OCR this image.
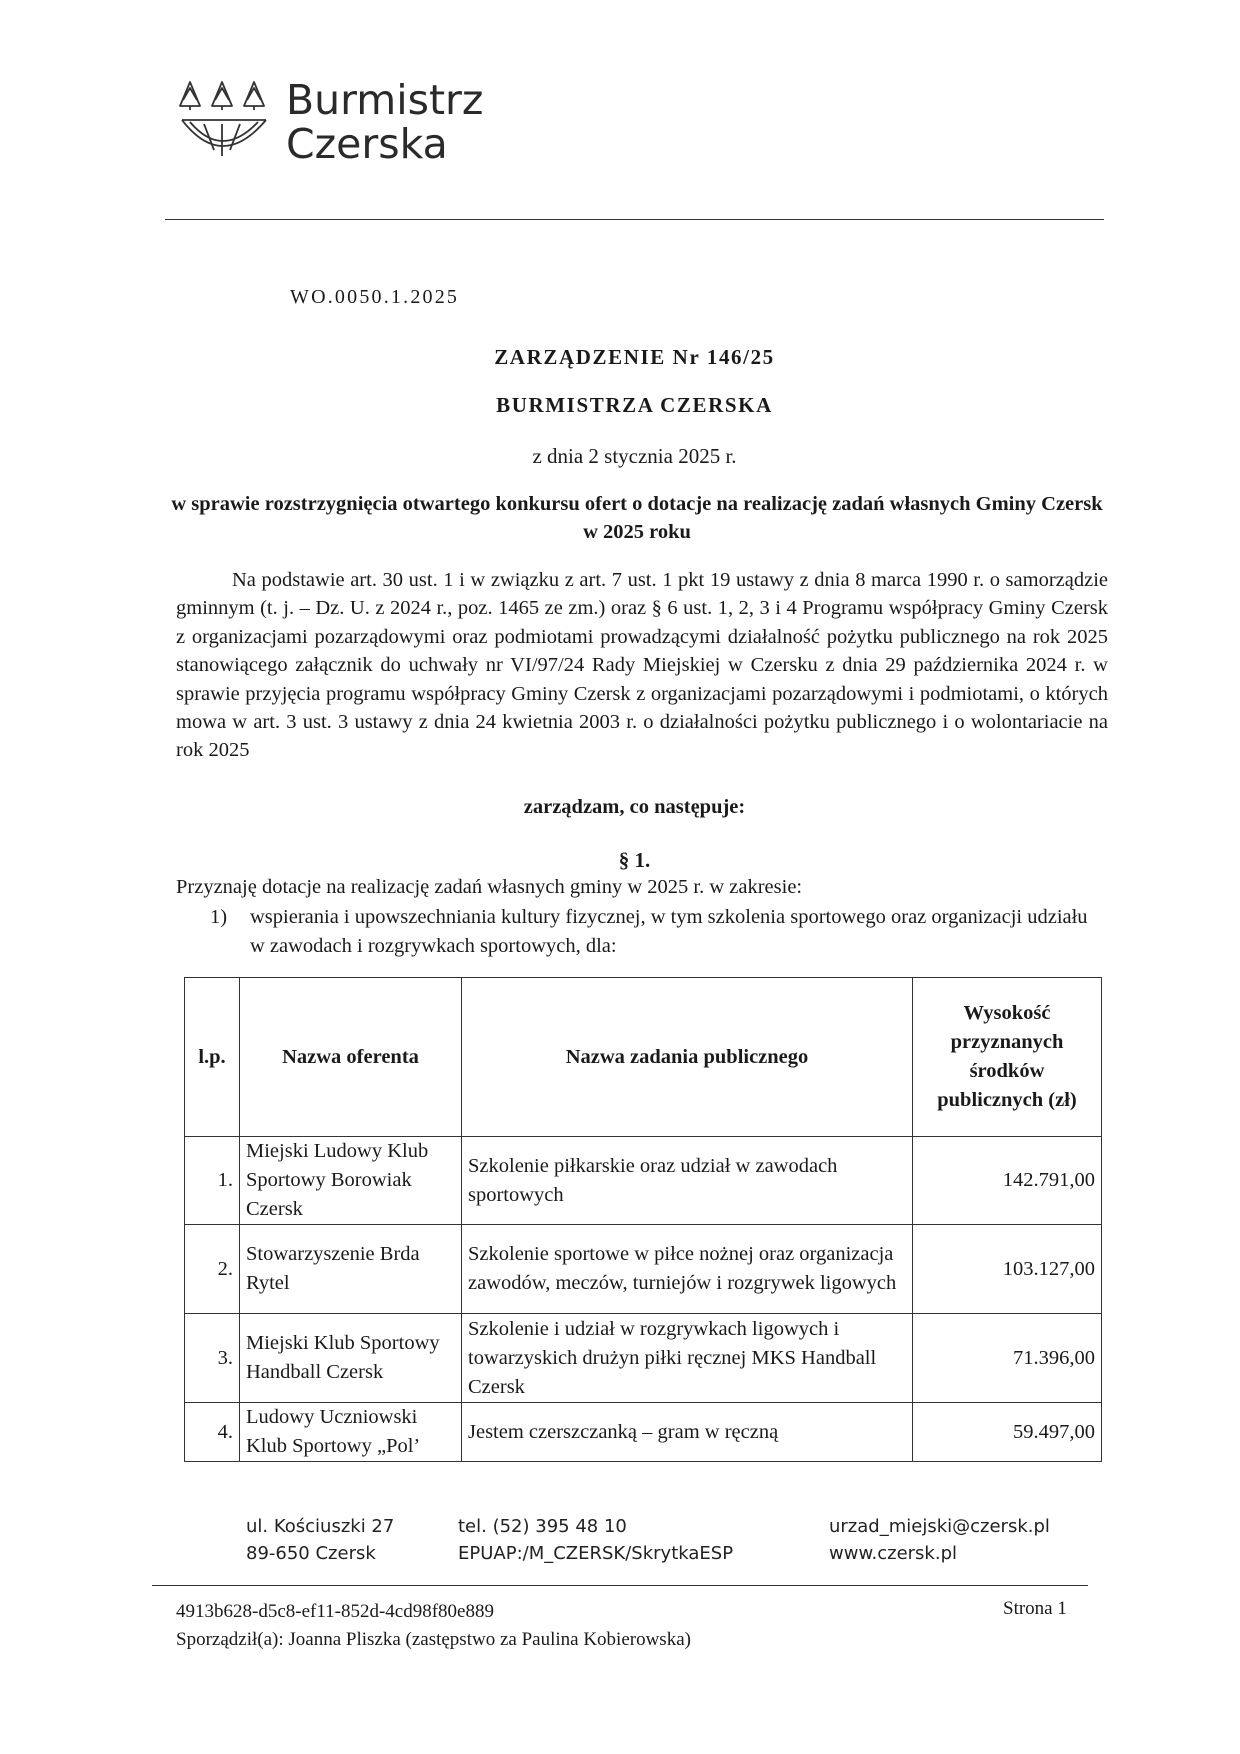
Burmistrz
Czerska
WO.0050.1.2025
ZARZĄDZENIE Nr 146/25
BURMISTRZA CZERSKA
z dnia 2 stycznia 2025 r.
w sprawie rozstrzygnięcia otwartego konkursu ofert o dotacje na realizację zadań własnych Gminy Czersk w 2025 roku
Na podstawie art. 30 ust. 1 i w związku z art. 7 ust. 1 pkt 19 ustawy z dnia 8 marca 1990 r. o samorządzie gminnym (t. j. – Dz. U. z 2024 r., poz. 1465 ze zm.) oraz § 6 ust. 1, 2, 3 i 4 Programu współpracy Gminy Czersk z organizacjami pozarządowymi oraz podmiotami prowadzącymi działalność pożytku publicznego na rok 2025 stanowiącego załącznik do uchwały nr VI/97/24 Rady Miejskiej w Czersku z dnia 29 października 2024 r. w sprawie przyjęcia programu współpracy Gminy Czersk z organizacjami pozarządowymi i podmiotami, o których mowa w art. 3 ust. 3 ustawy z dnia 24 kwietnia 2003 r. o działalności pożytku publicznego i o wolontariacie na rok 2025
zarządzam, co następuje:
§ 1.
Przyznaję dotacje na realizację zadań własnych gminy w 2025 r. w zakresie:
1) wspierania i upowszechniania kultury fizycznej, w tym szkolenia sportowego oraz organizacji udziału w zawodach i rozgrywkach sportowych, dla:
l.p.	Nazwa oferenta	Nazwa zadania publicznego	Wysokość przyznanych środków publicznych (zł)
1.	Miejski Ludowy Klub Sportowy Borowiak Czersk	Szkolenie piłkarskie oraz udział w zawodach sportowych	142.791,00
2.	Stowarzyszenie Brda Rytel	Szkolenie sportowe w piłce nożnej oraz organizacja zawodów, meczów, turniejów i rozgrywek ligowych	103.127,00
3.	Miejski Klub Sportowy Handball Czersk	Szkolenie i udział w rozgrywkach ligowych i towarzyskich drużyn piłki ręcznej MKS Handball Czersk	71.396,00
4.	Ludowy Uczniowski Klub Sportowy „Pol’	Jestem czerszczanką – gram w ręczną	59.497,00
ul. Kościuszki 27
89-650 Czersk
tel. (52) 395 48 10
EPUAP:/M_CZERSK/SkrytkaESP
urzad_miejski@czersk.pl
www.czersk.pl
4913b628-d5c8-ef11-852d-4cd98f80e889
Sporządził(a): Joanna Pliszka (zastępstwo za Paulina Kobierowska)
Strona 1
